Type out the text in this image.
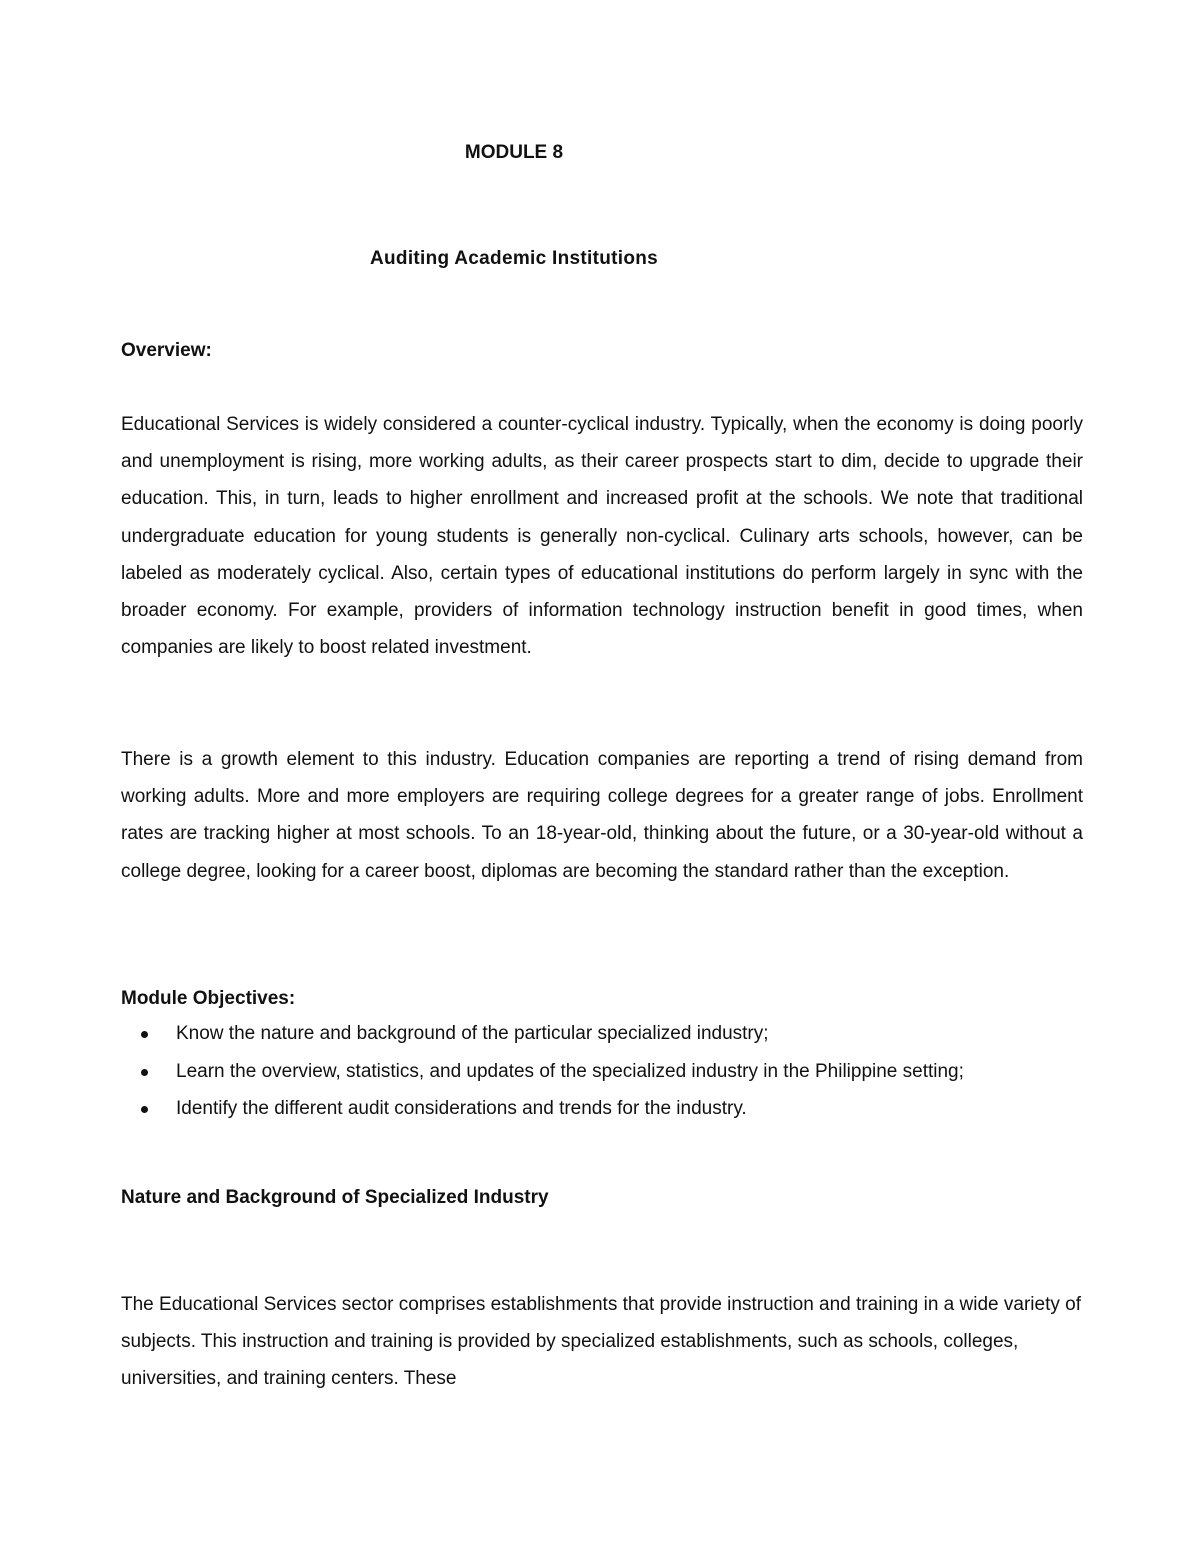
MODULE 8
Auditing Academic Institutions
Overview:

Educational Services is widely considered a counter-cyclical industry. Typically, when the economy is doing poorly and unemployment is rising, more working adults, as their career prospects start to dim, decide to upgrade their education. This, in turn, leads to higher enrollment and increased profit at the schools. We note that traditional undergraduate education for young students is generally non-cyclical. Culinary arts schools, however, can be labeled as moderately cyclical. Also, certain types of educational institutions do perform largely in sync with the broader economy. For example, providers of information technology instruction benefit in good times, when companies are likely to boost related investment.

There is a growth element to this industry. Education companies are reporting a trend of rising demand from working adults. More and more employers are requiring college degrees for a greater range of jobs. Enrollment rates are tracking higher at most schools. To an 18-year-old, thinking about the future, or a 30-year-old without a college degree, looking for a career boost, diplomas are becoming the standard rather than the exception.

Module Objectives:
Know the nature and background of the particular specialized industry;
Learn the overview, statistics, and updates of the specialized industry in the Philippine setting;
Identify the different audit considerations and trends for the industry.
Nature and Background of Specialized Industry

The Educational Services sector comprises establishments that provide instruction and training in a wide variety of subjects. This instruction and training is provided by specialized establishments, such as schools, colleges, universities, and training centers. These
